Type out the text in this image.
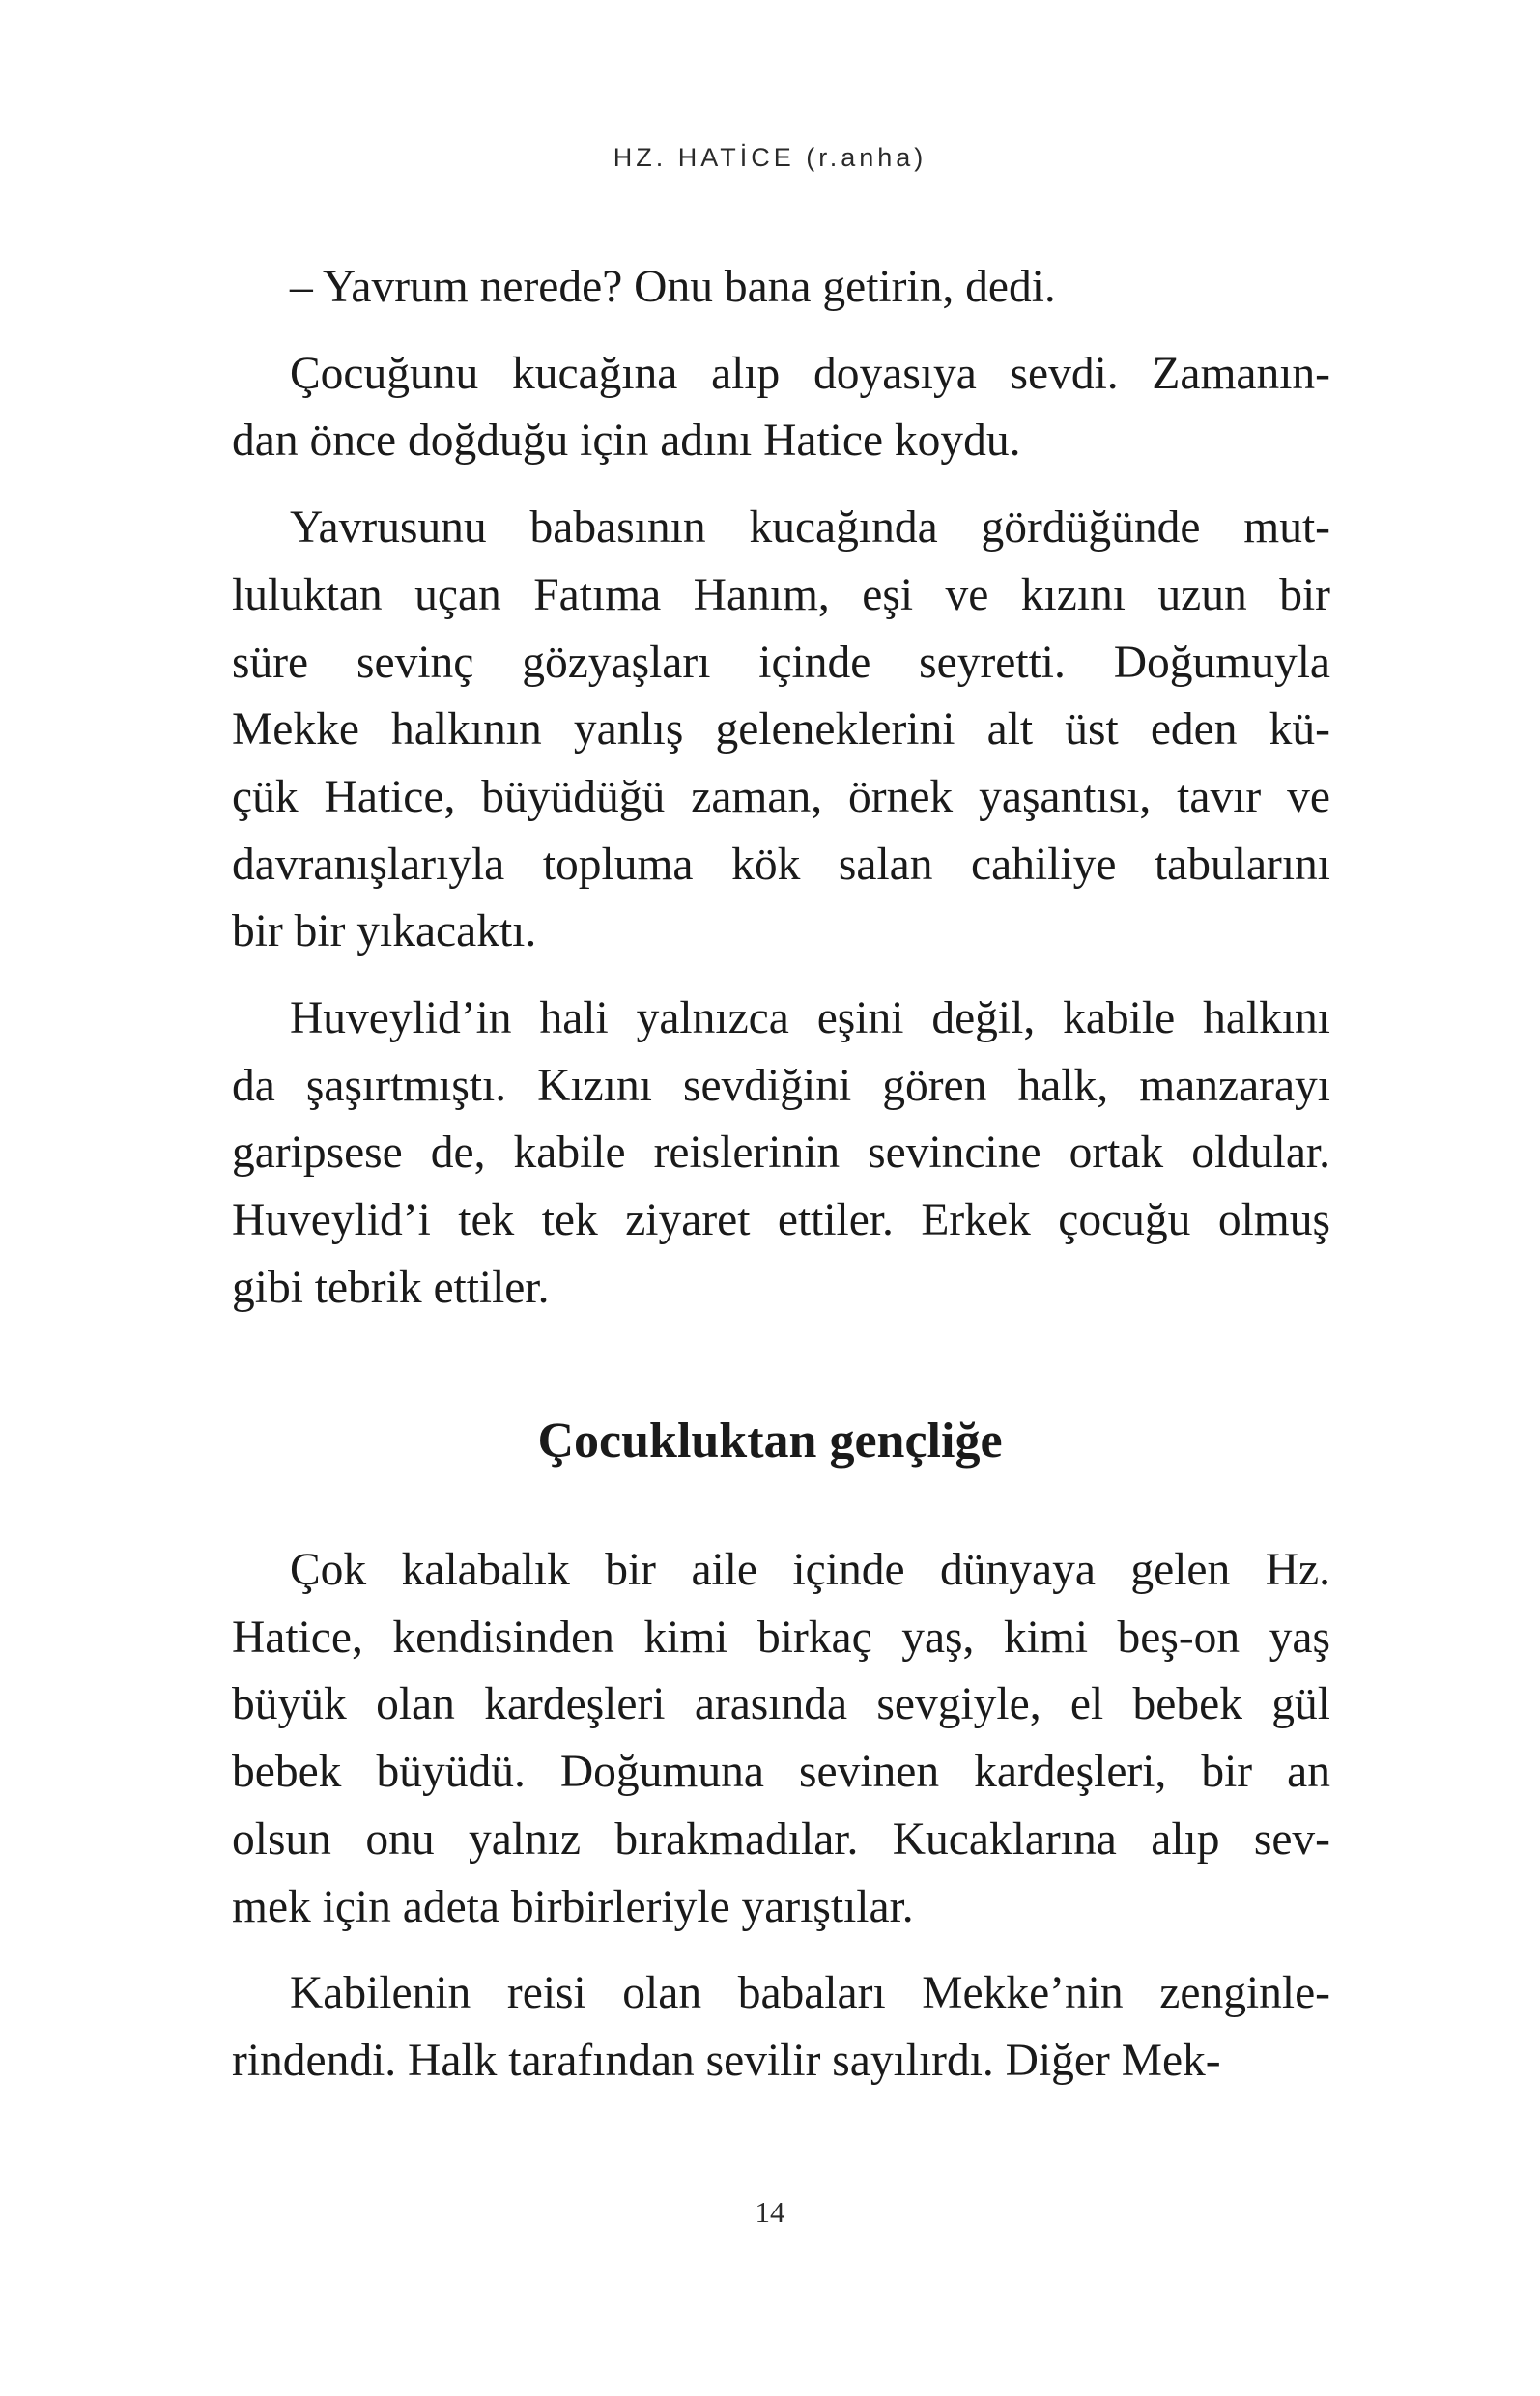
HZ. HATİCE (r.anha)
– Yavrum nerede? Onu bana getirin, dedi.
Çocuğunu kucağına alıp doyasıya sevdi. Zamanın-
dan önce doğduğu için adını Hatice koydu.
Yavrusunu babasının kucağında gördüğünde mut-
luluktan uçan Fatıma Hanım, eşi ve kızını uzun bir
süre sevinç gözyaşları içinde seyretti. Doğumuyla
Mekke halkının yanlış geleneklerini alt üst eden kü-
çük Hatice, büyüdüğü zaman, örnek yaşantısı, tavır ve
davranışlarıyla topluma kök salan cahiliye tabularını
bir bir yıkacaktı.
Huveylid’in hali yalnızca eşini değil, kabile halkını
da şaşırtmıştı. Kızını sevdiğini gören halk, manzarayı
garipsese de, kabile reislerinin sevincine ortak oldular.
Huveylid’i tek tek ziyaret ettiler. Erkek çocuğu olmuş
gibi tebrik ettiler.
Çocukluktan gençliğe
Çok kalabalık bir aile içinde dünyaya gelen Hz.
Hatice, kendisinden kimi birkaç yaş, kimi beş-on yaş
büyük olan kardeşleri arasında sevgiyle, el bebek gül
bebek büyüdü. Doğumuna sevinen kardeşleri, bir an
olsun onu yalnız bırakmadılar. Kucaklarına alıp sev-
mek için adeta birbirleriyle yarıştılar.
Kabilenin reisi olan babaları Mekke’nin zenginle-
rindendi. Halk tarafından sevilir sayılırdı. Diğer Mek-
14
